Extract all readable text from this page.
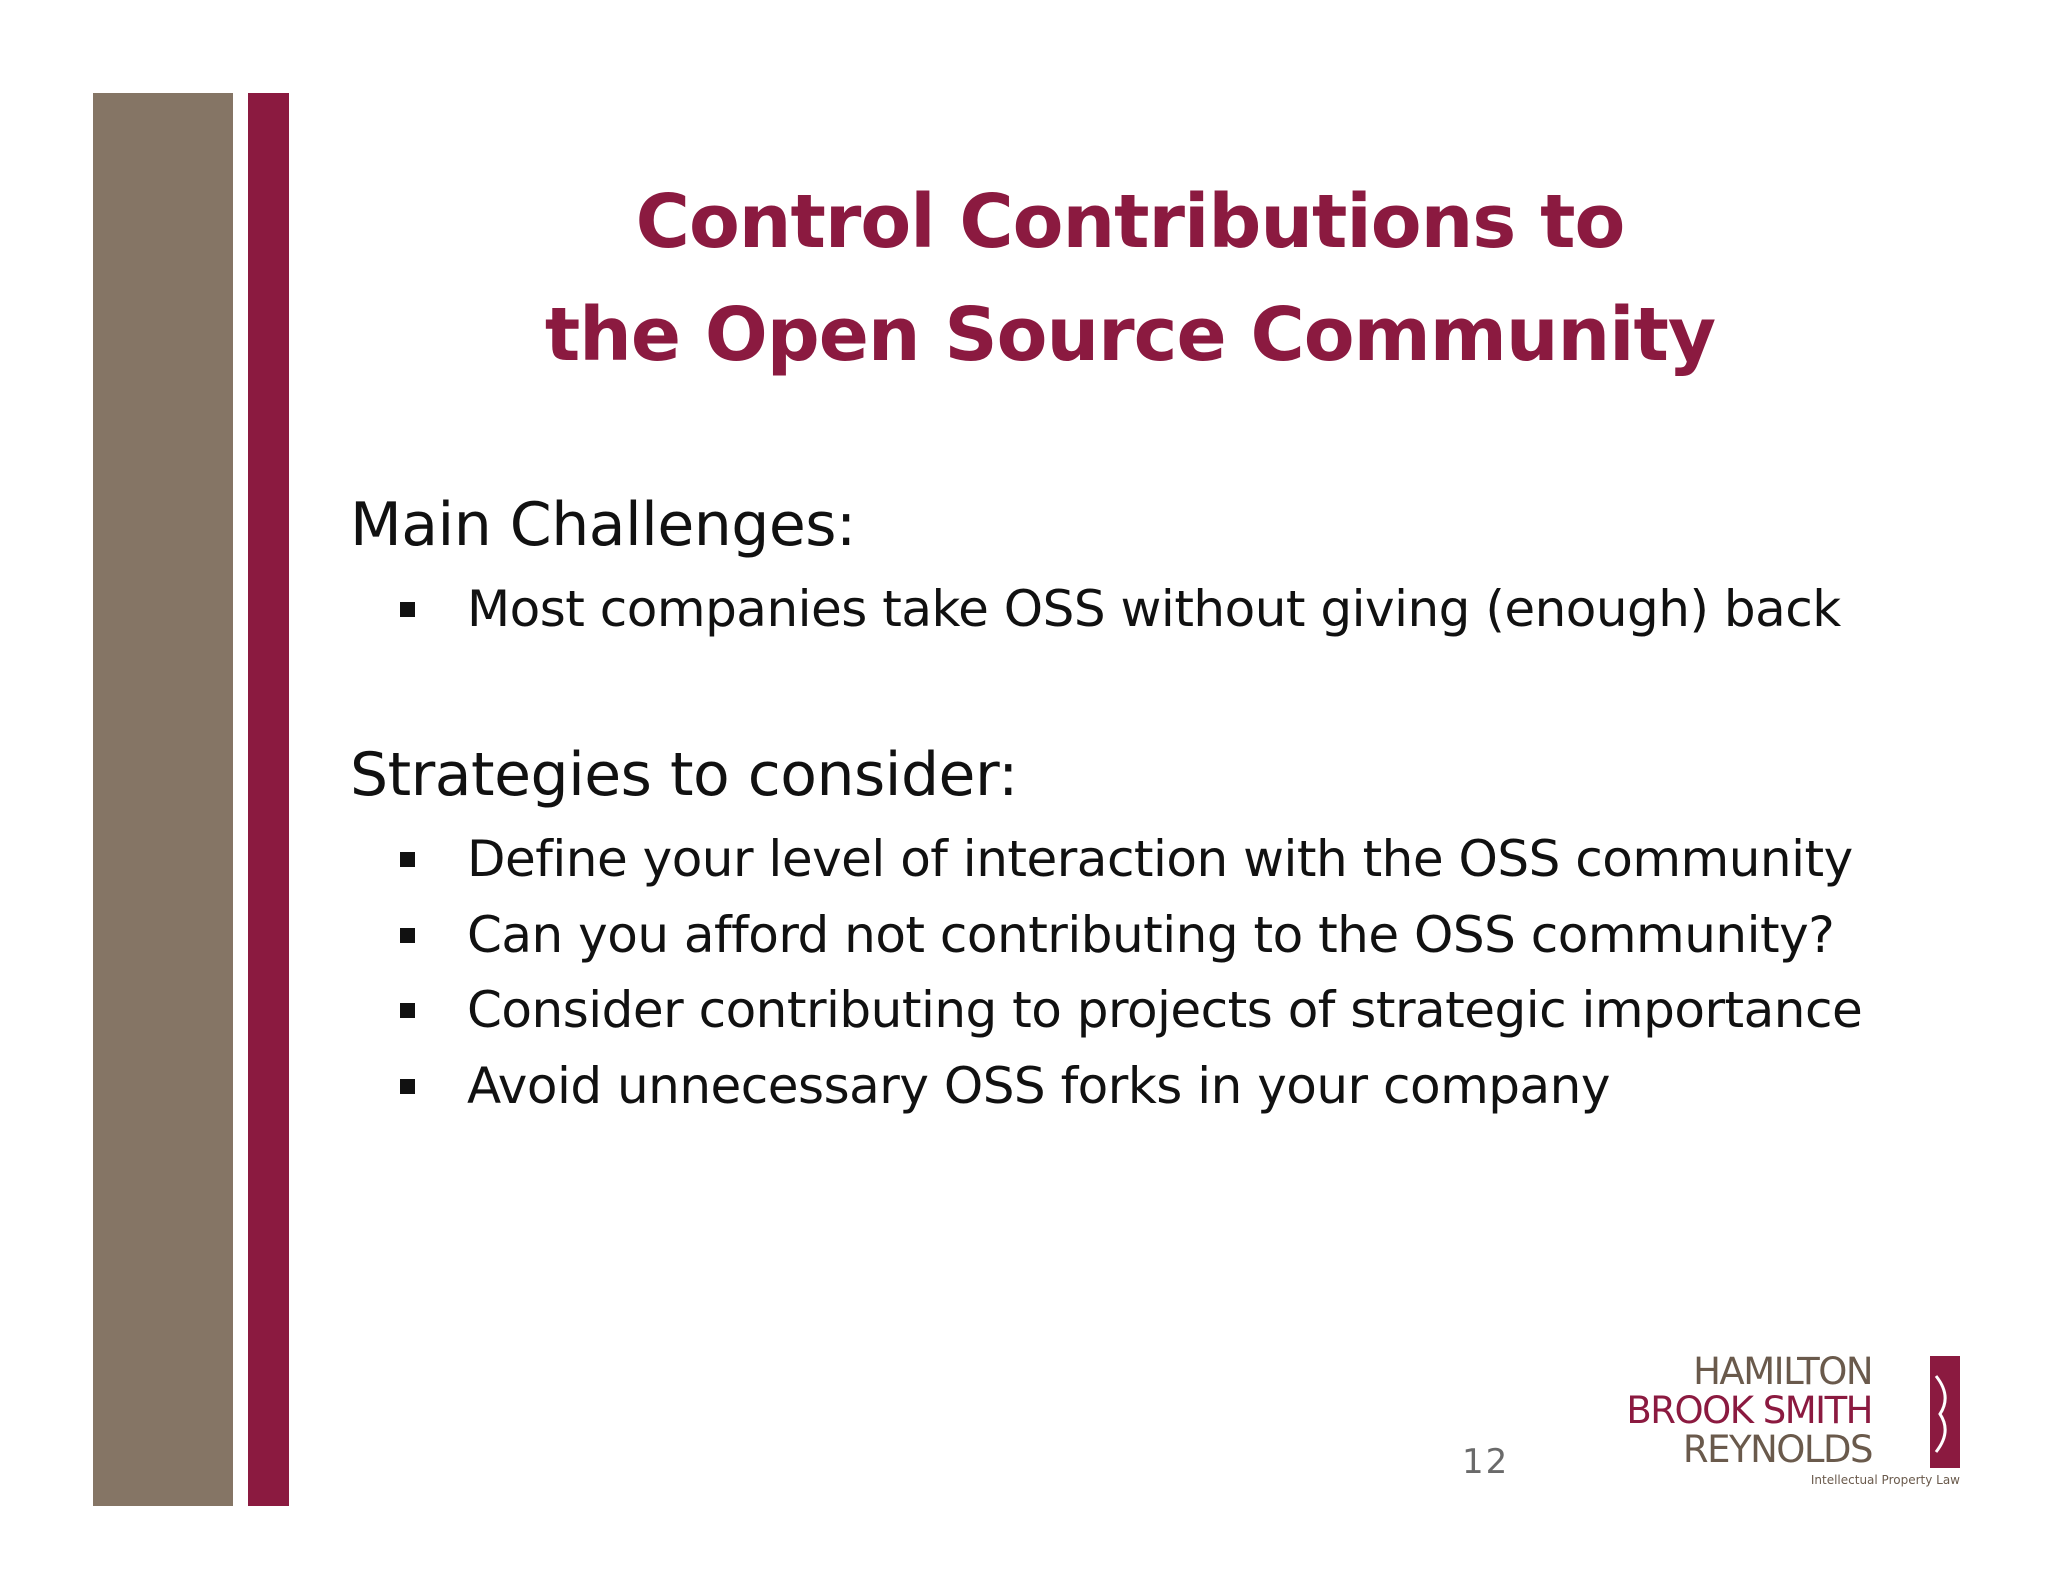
Control Contributions to
the Open Source Community
Main Challenges:
Most companies take OSS without giving (enough) back
Strategies to consider:
Define your level of interaction with the OSS community
Can you afford not contributing to the OSS community?
Consider contributing to projects of strategic importance
Avoid unnecessary OSS forks in your company
12
HAMILTON
BROOK SMITH
REYNOLDS
Intellectual Property Law
